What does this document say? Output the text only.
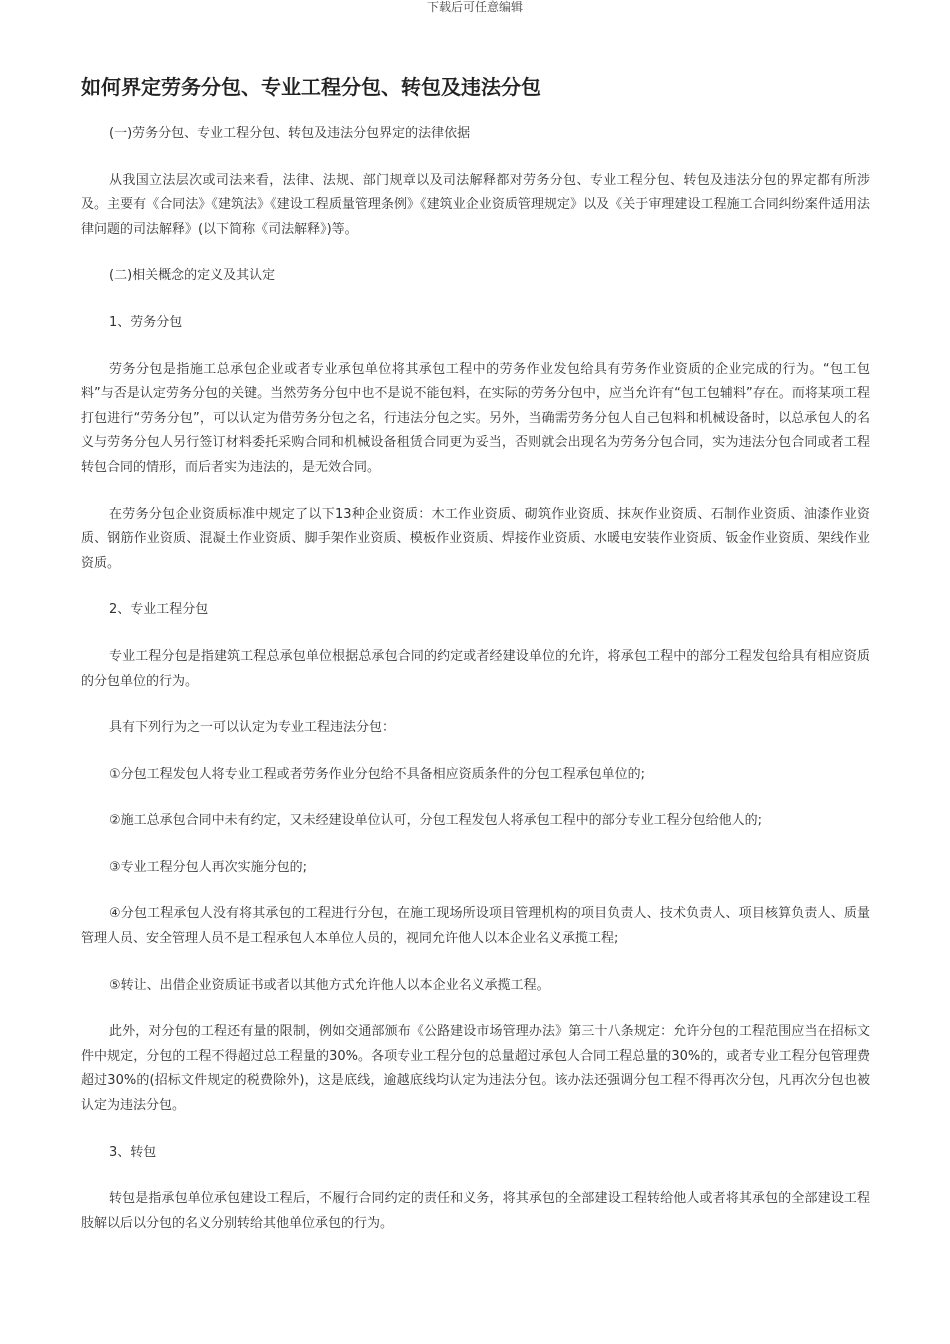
下载后可任意编辑
如何界定劳务分包、专业工程分包、转包及违法分包

(一)劳务分包、专业工程分包、转包及违法分包界定的法律依据

从我国立法层次或司法来看，法律、法规、部门规章以及司法解释都对劳务分包、专业工程分包、转包及违法分包的界定都有所涉及。主要有《合同法》《建筑法》《建设工程质量管理条例》《建筑业企业资质管理规定》以及《关于审理建设工程施工合同纠纷案件适用法律问题的司法解释》(以下简称《司法解释》)等。

(二)相关概念的定义及其认定

1、劳务分包

劳务分包是指施工总承包企业或者专业承包单位将其承包工程中的劳务作业发包给具有劳务作业资质的企业完成的行为。“包工包料”与否是认定劳务分包的关键。当然劳务分包中也不是说不能包料，在实际的劳务分包中，应当允许有“包工包辅料”存在。而将某项工程打包进行“劳务分包”，可以认定为借劳务分包之名，行违法分包之实。另外，当确需劳务分包人自己包料和机械设备时，以总承包人的名义与劳务分包人另行签订材料委托采购合同和机械设备租赁合同更为妥当，否则就会出现名为劳务分包合同，实为违法分包合同或者工程转包合同的情形，而后者实为违法的，是无效合同。

在劳务分包企业资质标准中规定了以下13种企业资质：木工作业资质、砌筑作业资质、抹灰作业资质、石制作业资质、油漆作业资质、钢筋作业资质、混凝土作业资质、脚手架作业资质、模板作业资质、焊接作业资质、水暖电安装作业资质、钣金作业资质、架线作业资质。

2、专业工程分包

专业工程分包是指建筑工程总承包单位根据总承包合同的约定或者经建设单位的允许，将承包工程中的部分工程发包给具有相应资质的分包单位的行为。

具有下列行为之一可以认定为专业工程违法分包：

①分包工程发包人将专业工程或者劳务作业分包给不具备相应资质条件的分包工程承包单位的;

②施工总承包合同中未有约定，又未经建设单位认可，分包工程发包人将承包工程中的部分专业工程分包给他人的;

③专业工程分包人再次实施分包的;

④分包工程承包人没有将其承包的工程进行分包，在施工现场所设项目管理机构的项目负责人、技术负责人、项目核算负责人、质量管理人员、安全管理人员不是工程承包人本单位人员的，视同允许他人以本企业名义承揽工程;

⑤转让、出借企业资质证书或者以其他方式允许他人以本企业名义承揽工程。

此外，对分包的工程还有量的限制，例如交通部颁布《公路建设市场管理办法》第三十八条规定：允许分包的工程范围应当在招标文件中规定，分包的工程不得超过总工程量的30%。各项专业工程分包的总量超过承包人合同工程总量的30%的，或者专业工程分包管理费超过30%的(招标文件规定的税费除外)，这是底线，逾越底线均认定为违法分包。该办法还强调分包工程不得再次分包，凡再次分包也被认定为违法分包。

3、转包

转包是指承包单位承包建设工程后，不履行合同约定的责任和义务，将其承包的全部建设工程转给他人或者将其承包的全部建设工程肢解以后以分包的名义分别转给其他单位承包的行为。
